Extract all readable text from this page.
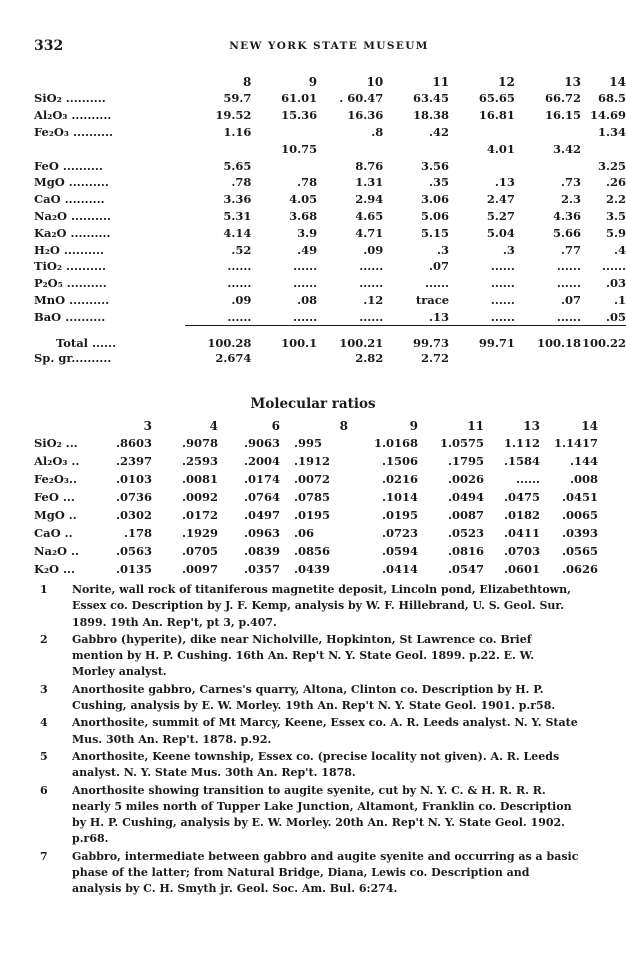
332	NEW YORK STATE MUSEUM
	8	9	10	11	12	13	14
SiO₂ ..........	59.7	61.01	. 60.47	63.45	65.65	66.72	68.5
Al₂O₃ ..........	19.52	15.36	16.36	18.38	16.81	16.15	14.69
Fe₂O₃ ..........	1.16		.8	.42			1.34
		10.75			4.01	3.42	
FeO ..........	5.65		8.76	3.56			3.25
MgO ..........	.78	.78	1.31	.35	.13	.73	.26
CaO ..........	3.36	4.05	2.94	3.06	2.47	2.3	2.2
Na₂O ..........	5.31	3.68	4.65	5.06	5.27	4.36	3.5
Ka₂O ..........	4.14	3.9	4.71	5.15	5.04	5.66	5.9
H₂O ..........	.52	.49	.09	.3	.3	.77	.4
TiO₂ ..........	......	......	......	.07	......	......	......
P₂O₅ ..........	......	......	......	......	......	......	.03
MnO ..........	.09	.08	.12	trace	......	.07	.1
BaO ..........	......	......	......	.13	......	......	.05
Total ......	100.28	100.1	100.21	99.73	99.71	100.18	100.22
Sp. gr..........	2.674		2.82	2.72			
Molecular ratios
	3	4	6	8	9	11	13	14
SiO₂ ...	.8603	.9078	.9063	.995	1.0168	1.0575	1.112	1.1417
Al₂O₃ ..	.2397	.2593	.2004	.1912	.1506	.1795	.1584	.144
Fe₂O₃..	.0103	.0081	.0174	.0072	.0216	.0026	......	.008
FeO ...	.0736	.0092	.0764	.0785	.1014	.0494	.0475	.0451
MgO ..	.0302	.0172	.0497	.0195	.0195	.0087	.0182	.0065
CaO ..	.178	.1929	.0963	.06	.0723	.0523	.0411	.0393
Na₂O ..	.0563	.0705	.0839	.0856	.0594	.0816	.0703	.0565
K₂O ...	.0135	.0097	.0357	.0439	.0414	.0547	.0601	.0626
1 Norite, wall rock of titaniferous magnetite deposit, Lincoln pond, Elizabethtown, Essex co. Description by J. F. Kemp, analysis by W. F. Hillebrand, U. S. Geol. Sur. 1899. 19th An. Rep't, pt 3, p.407.
2 Gabbro (hyperite), dike near Nicholville, Hopkinton, St Lawrence co. Brief mention by H. P. Cushing. 16th An. Rep't N. Y. State Geol. 1899. p.22. E. W. Morley analyst.
3 Anorthosite gabbro, Carnes's quarry, Altona, Clinton co. Description by H. P. Cushing, analysis by E. W. Morley. 19th An. Rep't N. Y. State Geol. 1901. p.r58.
4 Anorthosite, summit of Mt Marcy, Keene, Essex co. A. R. Leeds analyst. N. Y. State Mus. 30th An. Rep't. 1878. p.92.
5 Anorthosite, Keene township, Essex co. (precise locality not given). A. R. Leeds analyst. N. Y. State Mus. 30th An. Rep't. 1878.
6 Anorthosite showing transition to augite syenite, cut by N. Y. C. & H. R. R. R. nearly 5 miles north of Tupper Lake Junction, Altamont, Franklin co. Description by H. P. Cushing, analysis by E. W. Morley. 20th An. Rep't N. Y. State Geol. 1902. p.r68.
7 Gabbro, intermediate between gabbro and augite syenite and occurring as a basic phase of the latter; from Natural Bridge, Diana, Lewis co. Description and analysis by C. H. Smyth jr. Geol. Soc. Am. Bul. 6:274.
